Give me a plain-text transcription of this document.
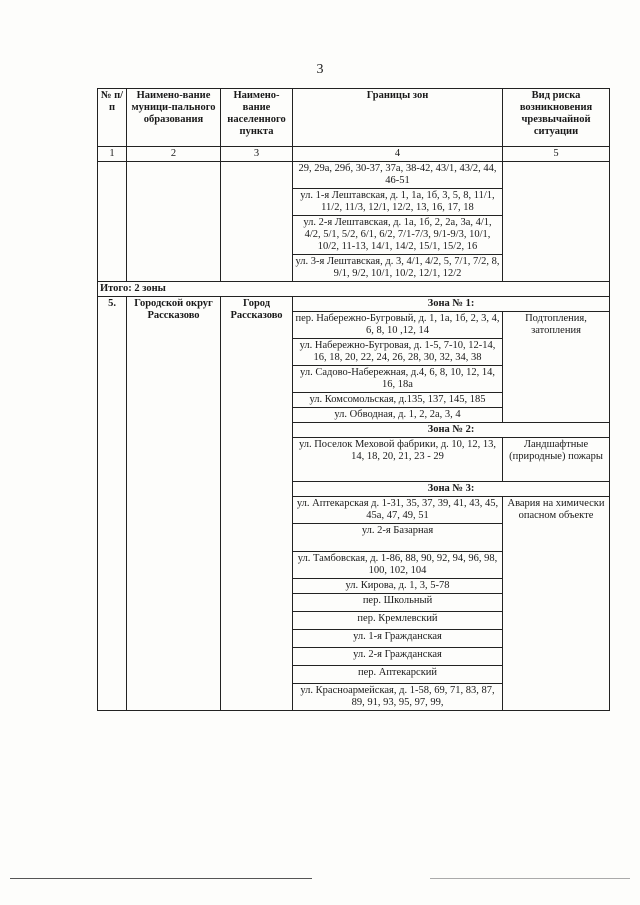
3
№ п/п	Наимено-вание муници-пального образования	Наимено-вание населенного пункта	Границы зон	Вид риска возникновения чрезвычайной ситуации
1	2	3	4	5
			29, 29а, 29б, 30-37, 37а, 38-42, 43/1, 43/2, 44, 46-51	
			ул. 1-я Лештавская, д. 1, 1а, 1б, 3, 5, 8, 11/1, 11/2, 11/3, 12/1, 12/2, 13, 16, 17, 18	
			ул. 2-я Лештавская, д. 1а, 1б, 2, 2а, 3а, 4/1, 4/2, 5/1, 5/2, 6/1, 6/2, 7/1-7/3, 9/1-9/3, 10/1, 10/2, 11-13, 14/1, 14/2, 15/1, 15/2, 16	
			ул. 3-я Лештавская, д. 3, 4/1, 4/2, 5, 7/1, 7/2, 8, 9/1, 9/2, 10/1, 10/2, 12/1, 12/2	
Итого: 2 зоны				
5.	Городской округ Рассказово	Город Рассказово	Зона № 1:	
			пер. Набережно-Бугровый, д. 1, 1а, 1б, 2, 3, 4, 6, 8, 10 ,12, 14	Подтопления, затопления
			ул. Набережно-Бугровая, д. 1-5, 7-10, 12-14, 16, 18, 20, 22, 24, 26, 28, 30, 32, 34, 38	
			ул. Садово-Набережная, д.4, 6, 8, 10, 12, 14, 16, 18а	
			ул. Комсомольская, д.135, 137, 145, 185	
			ул. Обводная, д. 1, 2, 2а, 3, 4	
			Зона № 2:	
			ул. Поселок Меховой фабрики, д. 10, 12, 13, 14, 18, 20, 21, 23 - 29	Ландшафтные (природные) пожары
			Зона № 3:	
			ул. Аптекарская д. 1-31, 35, 37, 39, 41, 43, 45, 45а, 47, 49, 51	Авария на химически опасном объекте
			ул. 2-я Базарная	
			ул. Тамбовская, д. 1-86, 88, 90, 92, 94, 96, 98, 100, 102, 104	
			ул. Кирова, д. 1, 3, 5-78	
			пер. Школьный	
			пер. Кремлевский	
			ул. 1-я Гражданская	
			ул. 2-я Гражданская	
			пер. Аптекарский	
			ул. Красноармейская, д. 1-58, 69, 71, 83, 87, 89, 91, 93, 95, 97, 99,	
